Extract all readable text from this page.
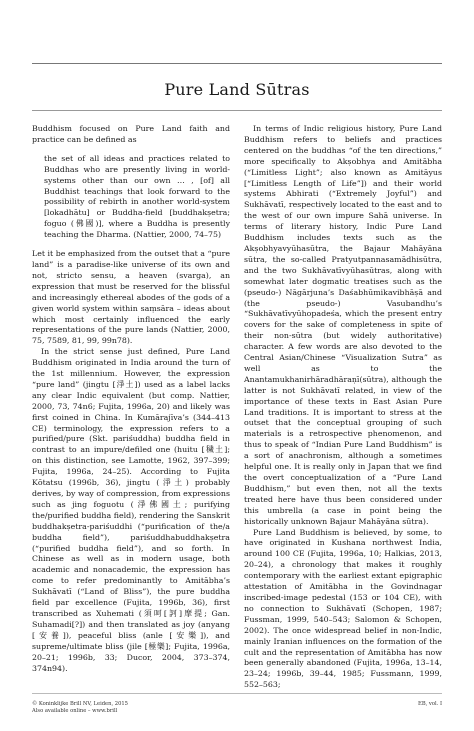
Pure Land Sūtras

Buddhism focused on Pure Land faith and practice can be defined as

the set of all ideas and practices related to Buddhas who are presently living in world-systems other than our own … , [of] all Buddhist teachings that look forward to the possibility of rebirth in another world-system [lokadhātu] or Buddha-field [buddhakṣetra; foguo (佛國)], where a Buddha is presently teaching the Dharma. (Nattier, 2000, 74–75)

Let it be emphasized from the outset that a “pure land” is a paradise-like universe of its own and not, stricto sensu, a heaven (svarga), an expression that must be reserved for the blissful and increasingly ethereal abodes of the gods of a given world system within saṃsāra – ideas about which most certainly influenced the early representations of the pure lands (Nattier, 2000, 75, 7589, 81, 99, 99n78).

In the strict sense just defined, Pure Land Buddhism originated in India around the turn of the 1st millennium. However, the expression “pure land” (jingtu [淨土]) used as a label lacks any clear Indic equivalent (but comp. Nattier, 2000, 73, 74n6; Fujita, 1996a, 20) and likely was first coined in China. In Kumārajīva’s (344–413 CE) terminology, the expression refers to a purified/pure (Skt. pariśuddha) buddha field in contrast to an impure/defiled one (huitu [穢土]; on this distinction, see Lamotte, 1962, 397–399; Fujita, 1996a, 24–25). According to Fujita Kōtatsu (1996b, 36), jingtu (淨土) probably derives, by way of compression, from expressions such as jing foguotu (淨佛國土; purifying the/purified buddha field), rendering the Sanskrit buddhakṣetra-pariśuddhi (“purification of the/a buddha field”), pariśuddhabuddhakṣetra (“purified buddha field”), and so forth. In Chinese as well as in modern usage, both academic and nonacademic, the expression has come to refer predominantly to Amitābha’s Sukhāvatī (“Land of Bliss”), the pure buddha field par excellence (Fujita, 1996b, 36), first transcribed as Xuhemati (須呵[訶]摩提; Gan. Suhamadi[?]) and then translated as joy (anyang [安養]), peaceful bliss (anle [安樂]), and supreme/ultimate bliss (jile [極樂]; Fujita, 1996a, 20–21; 1996b, 33; Ducor, 2004, 373–374, 374n94).

In terms of Indic religious history, Pure Land Buddhism refers to beliefs and practices centered on the buddhas “of the ten directions,” more specifically to Akṣobhya and Amitābha (“Limitless Light”; also known as Amitāyus [“Limitless Length of Life”]) and their world systems Abhirati (“Extremely Joyful”) and Sukhāvatī, respectively located to the east and to the west of our own impure Sahā universe. In terms of literary history, Indic Pure Land Buddhism includes texts such as the Akṣobhyavyūhasūtra, the Bajaur Mahāyāna sūtra, the so-called Pratyutpannasamādhisūtra, and the two Sukhāvatīvyūhasūtras, along with somewhat later dogmatic treatises such as the (pseudo-) Nāgārjuna’s Daśabhūmikavibhāṣā and (the pseudo-) Vasubandhu’s “Sukhāvatīvyūhopadeśa, which the present entry covers for the sake of completeness in spite of their non-sūtra (but widely authoritative) character. A few words are also devoted to the Central Asian/Chinese “Visualization Sutra” as well as to the Anantamukhanirhāradhāraṇī(sūtra), although the latter is not Sukhāvatī related, in view of the importance of these texts in East Asian Pure Land traditions. It is important to stress at the outset that the conceptual grouping of such materials is a retrospective phenomenon, and thus to speak of “Indian Pure Land Buddhism” is a sort of anachronism, although a sometimes helpful one. It is really only in Japan that we find the overt conceptualization of a “Pure Land Buddhism,” but even then, not all the texts treated here have thus been considered under this umbrella (a case in point being the historically unknown Bajaur Mahāyāna sūtra).

Pure Land Buddhism is believed, by some, to have originated in Kushana northwest India, around 100 CE (Fujita, 1996a, 10; Halkias, 2013, 20–24), a chronology that makes it roughly contemporary with the earliest extant epigraphic attestation of Amitābha in the Govindnagar inscribed-image pedestal (153 or 104 CE), with no connection to Sukhāvatī (Schopen, 1987; Fussman, 1999, 540–543; Salomon & Schopen, 2002). The once widespread belief in non-Indic, mainly Iranian influences on the formation of the cult and the representation of Amitābha has now been generally abandoned (Fujita, 1996a, 13–14, 23–24; 1996b, 39–44, 1985; Fussmann, 1999, 552–563;

© Koninklijke Brill NV, Leiden, 2015
Also available online – www.brill
EB, vol. I
